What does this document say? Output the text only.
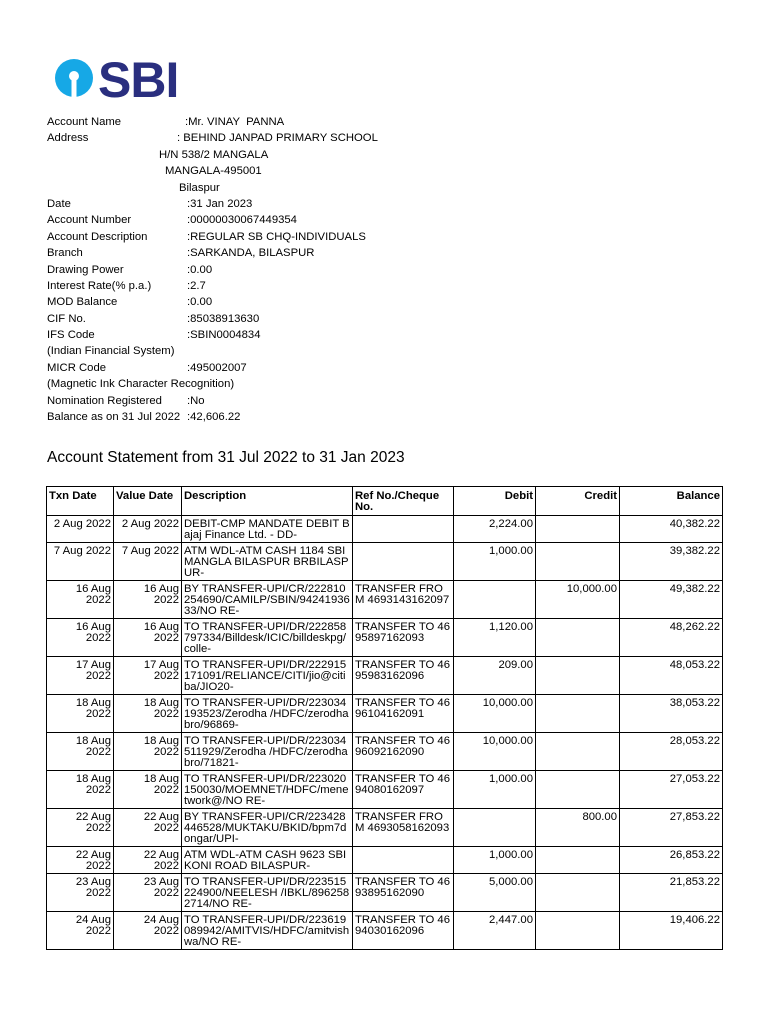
SBI
Account Name	:Mr. VINAY  PANNA
Address	: BEHIND JANPAD PRIMARY SCHOOL
H/N 538/2 MANGALA
MANGALA-495001
Bilaspur
Date	:31 Jan 2023
Account Number	:00000030067449354
Account Description	:REGULAR SB CHQ-INDIVIDUALS
Branch	:SARKANDA, BILASPUR
Drawing Power	:0.00
Interest Rate(% p.a.)	:2.7
MOD Balance	:0.00
CIF No.	:85038913630
IFS Code	:SBIN0004834
(Indian Financial System)
MICR Code	:495002007
(Magnetic Ink Character Recognition)
Nomination Registered :No
Balance as on 31 Jul 2022 :42,606.22
Account Statement from 31 Jul 2022 to 31 Jan 2023
Txn Date	Value Date	Description	Ref No./Cheque No.	Debit	Credit	Balance
2 Aug 2022	2 Aug 2022	DEBIT-CMP MANDATE DEBIT Bajaj Finance Ltd. - DD-		2,224.00		40,382.22
7 Aug 2022	7 Aug 2022	ATM WDL-ATM CASH 1184 SBI MANGLA BILASPUR BRBILASPUR-		1,000.00		39,382.22
16 Aug 2022	16 Aug 2022	BY TRANSFER-UPI/CR/222810254690/CAMILP/SBIN/9424193633/NO RE-	TRANSFER FROM 4693143162097		10,000.00	49,382.22
16 Aug 2022	16 Aug 2022	TO TRANSFER-UPI/DR/222858797334/Billdesk/ICIC/billdeskpg/colle-	TRANSFER TO 4695897162093	1,120.00		48,262.22
17 Aug 2022	17 Aug 2022	TO TRANSFER-UPI/DR/222915171091/RELIANCE/CITI/jio@citiba/JIO20-	TRANSFER TO 4695983162096	209.00		48,053.22
18 Aug 2022	18 Aug 2022	TO TRANSFER-UPI/DR/223034193523/Zerodha /HDFC/zerodhabro/96869-	TRANSFER TO 4696104162091	10,000.00		38,053.22
18 Aug 2022	18 Aug 2022	TO TRANSFER-UPI/DR/223034511929/Zerodha /HDFC/zerodhabro/71821-	TRANSFER TO 4696092162090	10,000.00		28,053.22
18 Aug 2022	18 Aug 2022	TO TRANSFER-UPI/DR/223020150030/MOEMNET/HDFC/menetwork@/NO RE-	TRANSFER TO 4694080162097	1,000.00		27,053.22
22 Aug 2022	22 Aug 2022	BY TRANSFER-UPI/CR/223428446528/MUKTAKU/BKID/bpm7dongar/UPI-	TRANSFER FROM 4693058162093		800.00	27,853.22
22 Aug 2022	22 Aug 2022	ATM WDL-ATM CASH 9623 SBI KONI ROAD BILASPUR-		1,000.00		26,853.22
23 Aug 2022	23 Aug 2022	TO TRANSFER-UPI/DR/223515224900/NEELESH /IBKL/8962582714/NO RE-	TRANSFER TO 4693895162090	5,000.00		21,853.22
24 Aug 2022	24 Aug 2022	TO TRANSFER-UPI/DR/223619089942/AMITVIS/HDFC/amitvishwa/NO RE-	TRANSFER TO 4694030162096	2,447.00		19,406.22
